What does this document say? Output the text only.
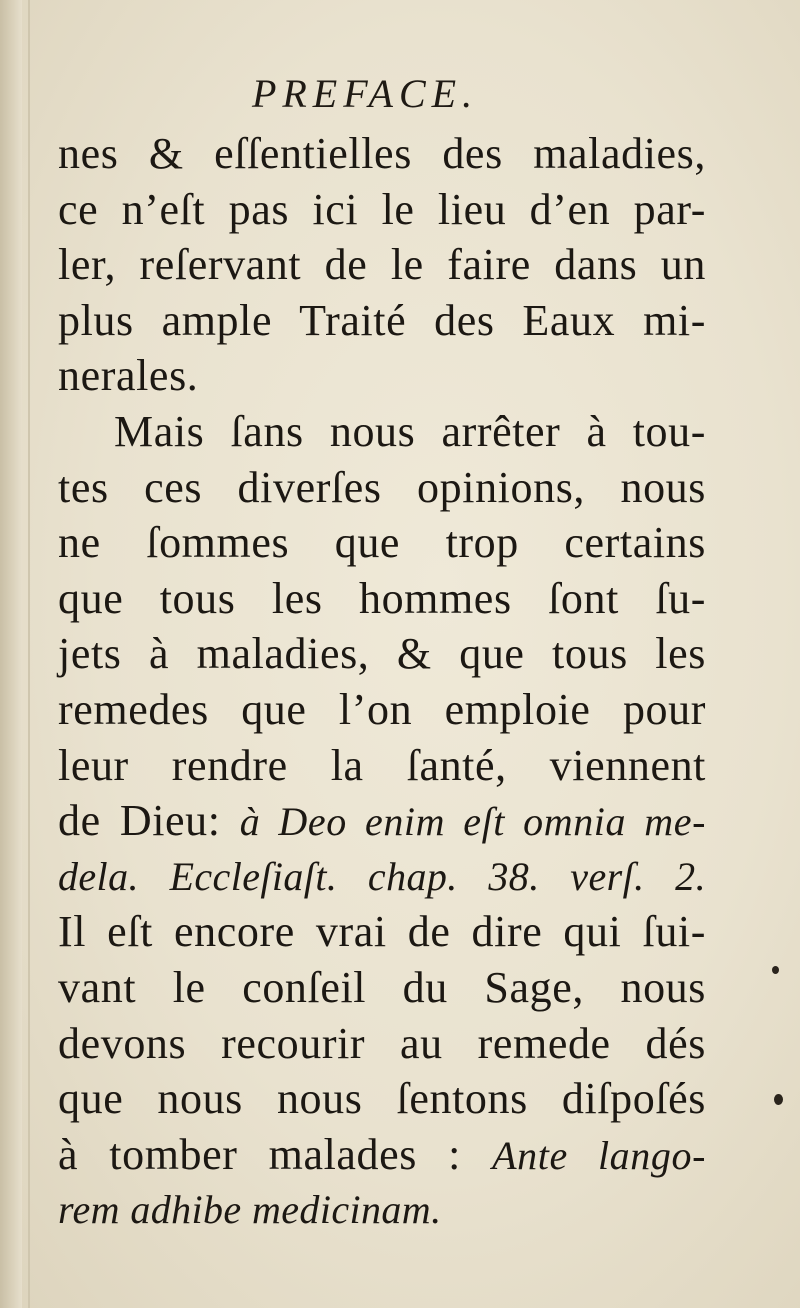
PREFACE.
nes & eſſentielles des maladies,
ce n’eſt pas ici le lieu d’en par-
ler, reſervant de le faire dans un
plus ample Traité des Eaux mi-
nerales.
Mais ſans nous arrêter à tou-
tes ces diverſes opinions, nous
ne ſommes que trop certains
que tous les hommes ſont ſu-
jets à maladies, & que tous les
remedes que l’on emploie pour
leur rendre la ſanté, viennent
de Dieu: à Deo enim eſt omnia me-
dela. Eccleſiaſt. chap. 38. verſ. 2.
Il eſt encore vrai de dire qui ſui-
vant le conſeil du Sage, nous
devons recourir au remede dés
que nous nous ſentons diſpoſés
à tomber malades : Ante lango-
rem adhibe medicinam.
